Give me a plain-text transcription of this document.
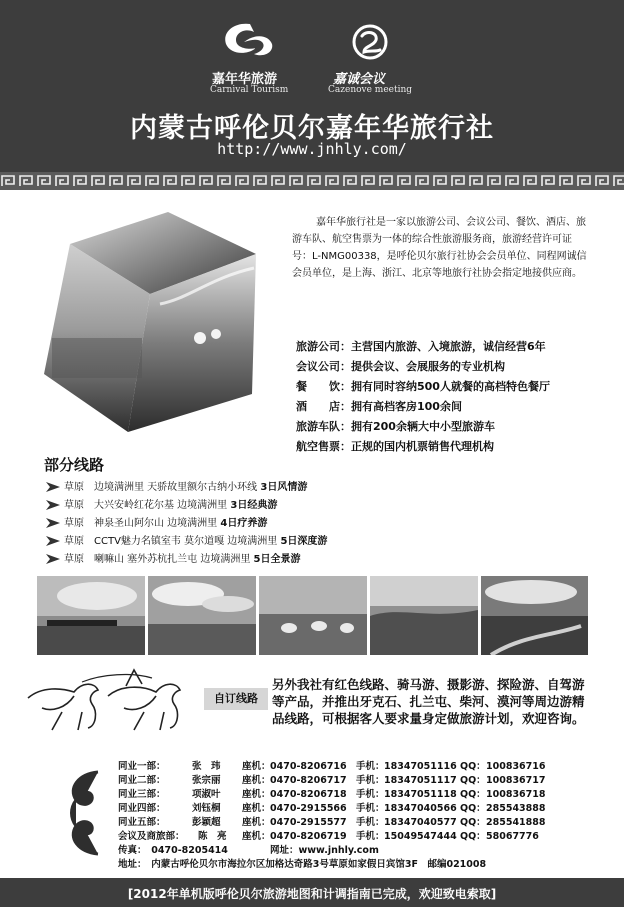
嘉年华旅游
Carnival Tourism
嘉诚会议
Cazenove meeting
内蒙古呼伦贝尔嘉年华旅行社
http://www.jnhly.com/
嘉年华旅行社是一家以旅游公司、会议公司、餐饮、酒店、旅游车队、航空售票为一体的综合性旅游服务商，旅游经营许可证号：L-NMG00338，是呼伦贝尔旅行社协会会员单位、同程网诚信会员单位，是上海、浙江、北京等地旅行社协会指定地接供应商。
旅游公司：主营国内旅游、入境旅游，诚信经营6年
会议公司：提供会议、会展服务的专业机构
餐　　饮：拥有同时容纳500人就餐的高档特色餐厅
酒　　店：拥有高档客房100余间
旅游车队：拥有200余辆大中小型旅游车
航空售票：正规的国内机票销售代理机构
部分线路
草原 边境满洲里 天骄故里额尔古纳小环线 3日风情游
草原 大兴安岭红花尔基 边境满洲里 3日经典游
草原 神泉圣山阿尔山 边境满洲里 4日疗养游
草原 CCTV魅力名镇室韦 莫尔道嘎 边境满洲里 5日深度游
草原 喇嘛山 塞外苏杭扎兰屯 边境满洲里 5日全景游
自订线路
另外我社有红色线路、骑马游、摄影游、探险游、自驾游等产品，并推出牙克石、扎兰屯、柴河、漠河等周边游精品线路，可根据客人要求量身定做旅游计划，欢迎咨询。
同业一部：	张　玮 座机： 0470-8206716 手机： 18347051116 QQ： 100836716
同业二部：	张宗丽 座机： 0470-8206717 手机： 18347051117 QQ： 100836717
同业三部：	项淑叶 座机： 0470-8206718 手机： 18347051118 QQ： 100836718
同业四部：	刘钰桐 座机： 0470-2915566 手机： 18347040566 QQ： 285543888
同业五部：	彭颖超 座机： 0470-2915577 手机： 18347040577 QQ： 285541888
会议及商旅部： 陈　亮 座机： 0470-8206719 手机： 15049547444 QQ： 58067776
传真：　0470-8205414	网址：www.jnhly.com
地址：　内蒙古呼伦贝尔市海拉尔区加格达奇路3号草原如家假日宾馆3F　邮编021008
[2012年单机版呼伦贝尔旅游地图和计调指南已完成，欢迎致电索取]
